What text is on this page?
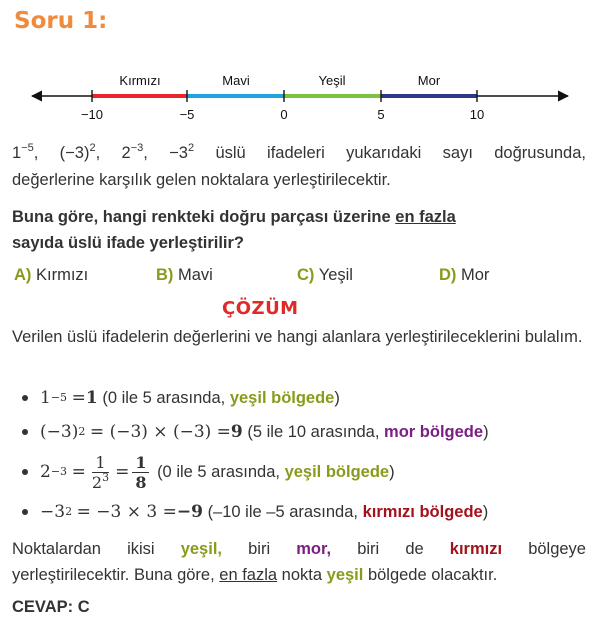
Soru 1:
Kırmızı	Mavi	Yeşil	Mor
−10	−5	0	5	10
$1^{-5}$, $(-3)^2$, $2^{-3}$, $-3^2$ üslü ifadeleri yukarıdaki sayı doğrusunda,
değerlerine karşılık gelen noktalara yerleştirilecektir.
Buna göre, hangi renkteki doğru parçası üzerine en fazla
sayıda üslü ifade yerleştirilir?
A) Kırmızı	B) Mavi	C) Yeşil	D) Mor
ÇÖZÜM
Verilen üslü ifadelerin değerlerini ve hangi alanlara yerleştirileceklerini bulalım.
1 −5
= 1
(0 ile 5 arasında,
yeşil bölgede )
(−3) 2
= (−3) × (−3) = 9
(5 ile 10 arasında,
mor bölgede )
2 −3
= $\frac{1}{2^3} = \frac{1}{8}$
(0 ile 5 arasında,
yeşil bölgede )
−3 2
= −3 × 3 = −9
(–10 ile –5 arasında,
kırmızı bölgede )
Noktalardan ikisi yeşil, biri mor, biri de kırmızı bölgeye
yerleştirilecektir. Buna göre, en fazla nokta yeşil bölgede olacaktır.
CEVAP: C
